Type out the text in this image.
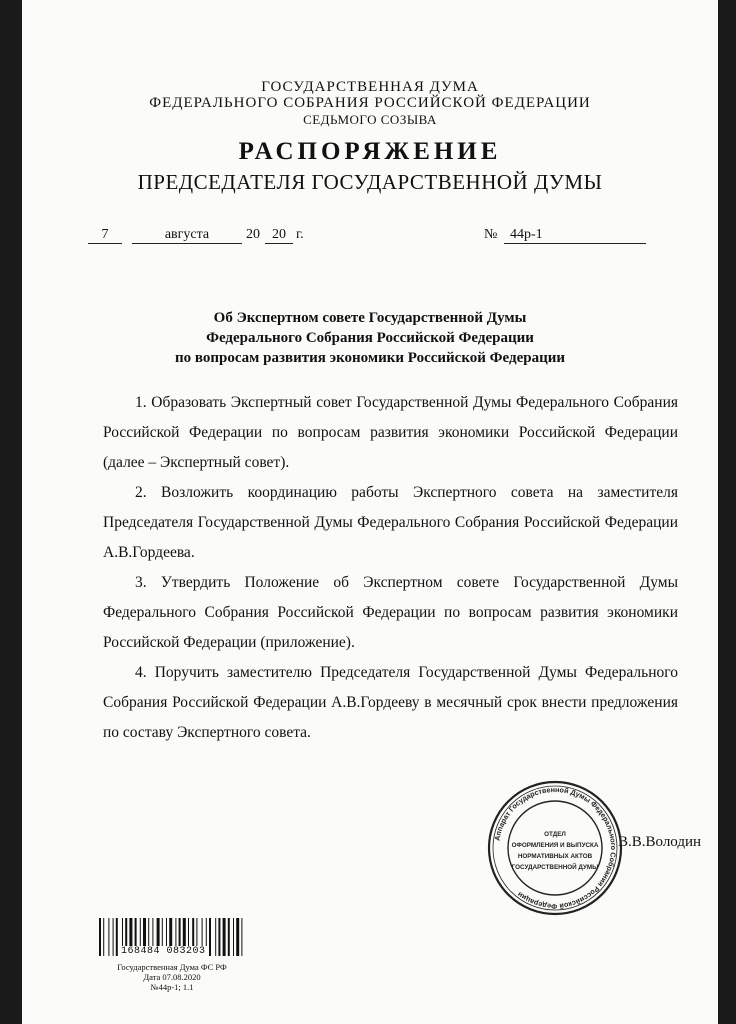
ГОСУДАРСТВЕННАЯ ДУМА
ФЕДЕРАЛЬНОГО СОБРАНИЯ РОССИЙСКОЙ ФЕДЕРАЦИИ
СЕДЬМОГО СОЗЫВА
РАСПОРЯЖЕНИЕ
ПРЕДСЕДАТЕЛЯ ГОСУДАРСТВЕННОЙ ДУМЫ
7	августа	20 20 г.	№ 44р-1
Об Экспертном совете Государственной Думы
Федерального Собрания Российской Федерации
по вопросам развития экономики Российской Федерации

1. Образовать Экспертный совет Государственной Думы Федерального Собрания Российской Федерации по вопросам развития экономики Российской Федерации (далее – Экспертный совет).

2. Возложить координацию работы Экспертного совета на заместителя Председателя Государственной Думы Федерального Собрания Российской Федерации А.В.Гордеева.

3. Утвердить Положение об Экспертном совете Государственной Думы Федерального Собрания Российской Федерации по вопросам развития экономики Российской Федерации (приложение).

4. Поручить заместителю Председателя Государственной Думы Федерального Собрания Российской Федерации А.В.Гордееву в месячный срок внести предложения по составу Экспертного совета.

В.В.Володин
Аппарат Государственной Думы Федерального Собрания Российской Федерации
ОТДЕЛ
ОФОРМЛЕНИЯ И ВЫПУСКА
НОРМАТИВНЫХ АКТОВ
ГОСУДАРСТВЕННОЙ ДУМЫ
168484 083203
Государственная Дума ФС РФ
Дата 07.08.2020
№44р-1; 1.1
